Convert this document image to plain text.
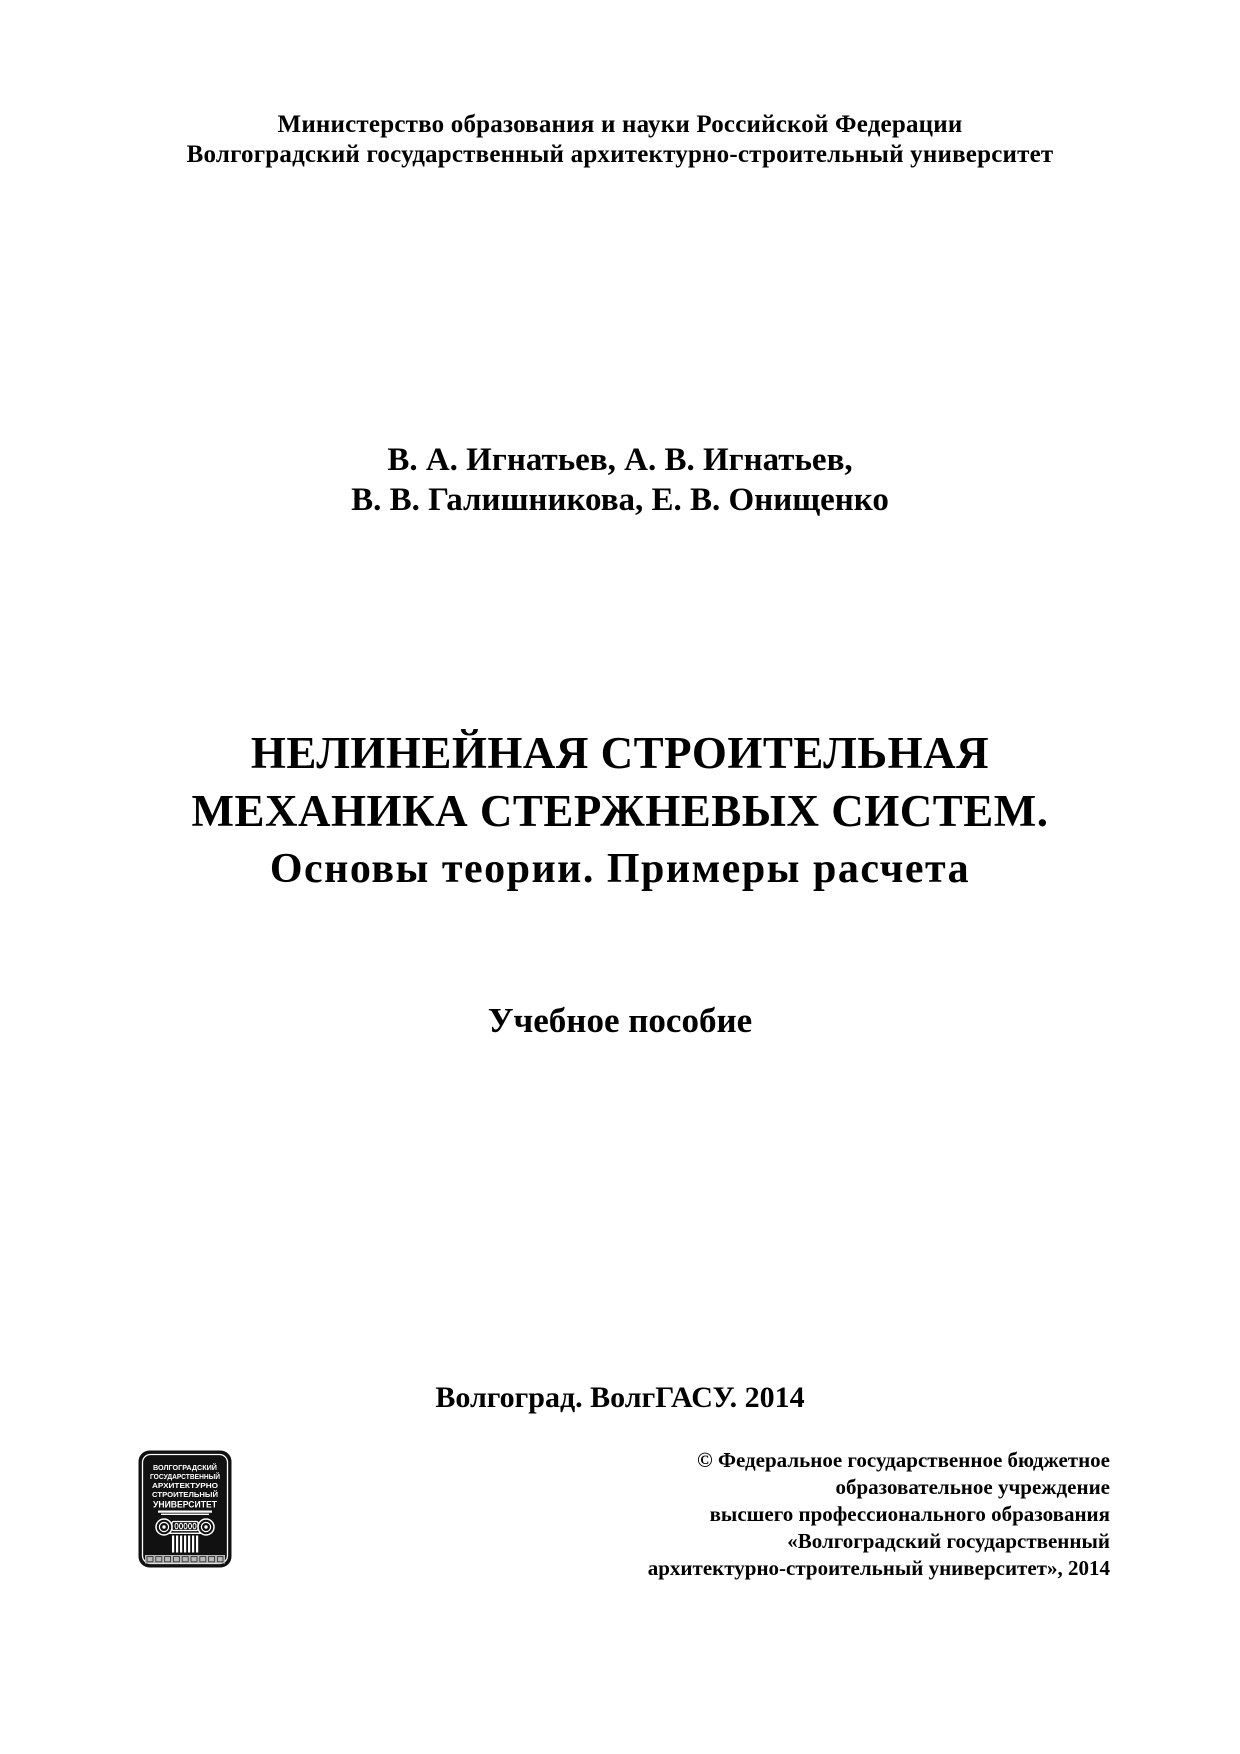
Министерство образования и науки Российской Федерации
Волгоградский государственный архитектурно-строительный университет
В. А. Игнатьев, А. В. Игнатьев,
В. В. Галишникова, Е. В. Онищенко
НЕЛИНЕЙНАЯ СТРОИТЕЛЬНАЯ
МЕХАНИКА СТЕРЖНЕВЫХ СИСТЕМ.
Основы теории. Примеры расчета
Учебное пособие
Волгоград. ВолгГАСУ. 2014
ВОЛГОГРАДСКИЙ
ГОСУДАРСТВЕННЫЙ
АРХИТЕКТУРНО
СТРОИТЕЛЬНЫЙ
УНИВЕРСИТЕТ
© Федеральное государственное бюджетное
образовательное учреждение
высшего профессионального образования
«Волгоградский государственный
архитектурно-строительный университет», 2014
